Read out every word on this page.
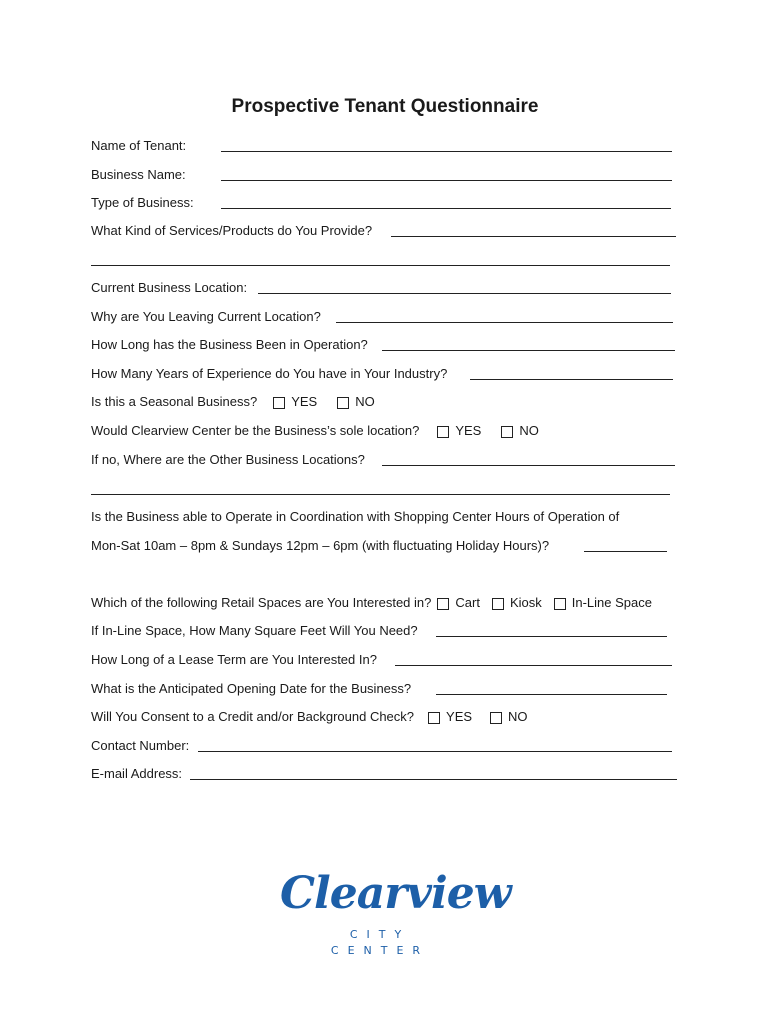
Prospective Tenant Questionnaire
Name of Tenant:
Business Name:
Type of Business:
What Kind of Services/Products do You Provide?
Current Business Location:
Why are You Leaving Current Location?
How Long has the Business Been in Operation?
How Many Years of Experience do You have in Your Industry?
Is this a Seasonal Business?	YES	NO
Would Clearview Center be the Business’s sole location?	YES	NO
If no, Where are the Other Business Locations?
Is the Business able to Operate in Coordination with Shopping Center Hours of Operation of
Mon-Sat 10am – 8pm & Sundays 12pm – 6pm (with fluctuating Holiday Hours)?
Which of the following Retail Spaces are You Interested in? Cart Kiosk In-Line Space
If In-Line Space, How Many Square Feet Will You Need?
How Long of a Lease Term are You Interested In?
What is the Anticipated Opening Date for the Business?
Will You Consent to a Credit and/or Background Check? YES	NO
Contact Number:
E-mail Address:
Clearview
CITY
CENTER
